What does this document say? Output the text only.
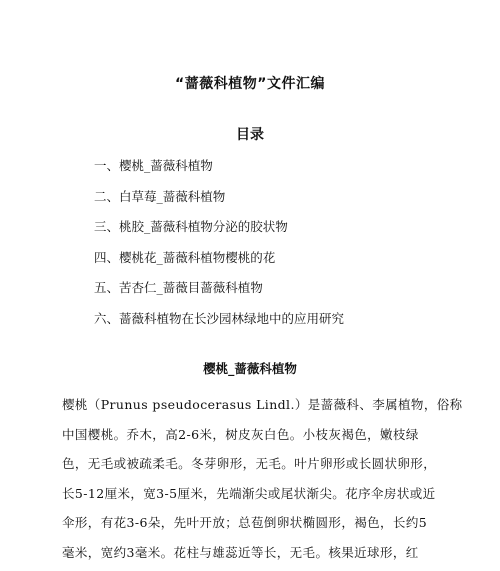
“蔷薇科植物”文件汇编
目录
一、樱桃_蔷薇科植物
二、白草莓_蔷薇科植物
三、桃胶_蔷薇科植物分泌的胶状物
四、樱桃花_蔷薇科植物樱桃的花
五、苦杏仁_蔷薇目蔷薇科植物
六、蔷薇科植物在长沙园林绿地中的应用研究
樱桃_蔷薇科植物
樱桃（Prunus pseudocerasus Lindl.）是蔷薇科、李属植物，俗称
中国樱桃。乔木，高2-6米，树皮灰白色。小枝灰褐色，嫩枝绿
色，无毛或被疏柔毛。冬芽卵形，无毛。叶片卵形或长圆状卵形，
长5-12厘米，宽3-5厘米，先端渐尖或尾状渐尖。花序伞房状或近
伞形，有花3-6朵，先叶开放；总苞倒卵状椭圆形，褐色，长约5
毫米，宽约3毫米。花柱与雄蕊近等长，无毛。核果近球形，红
